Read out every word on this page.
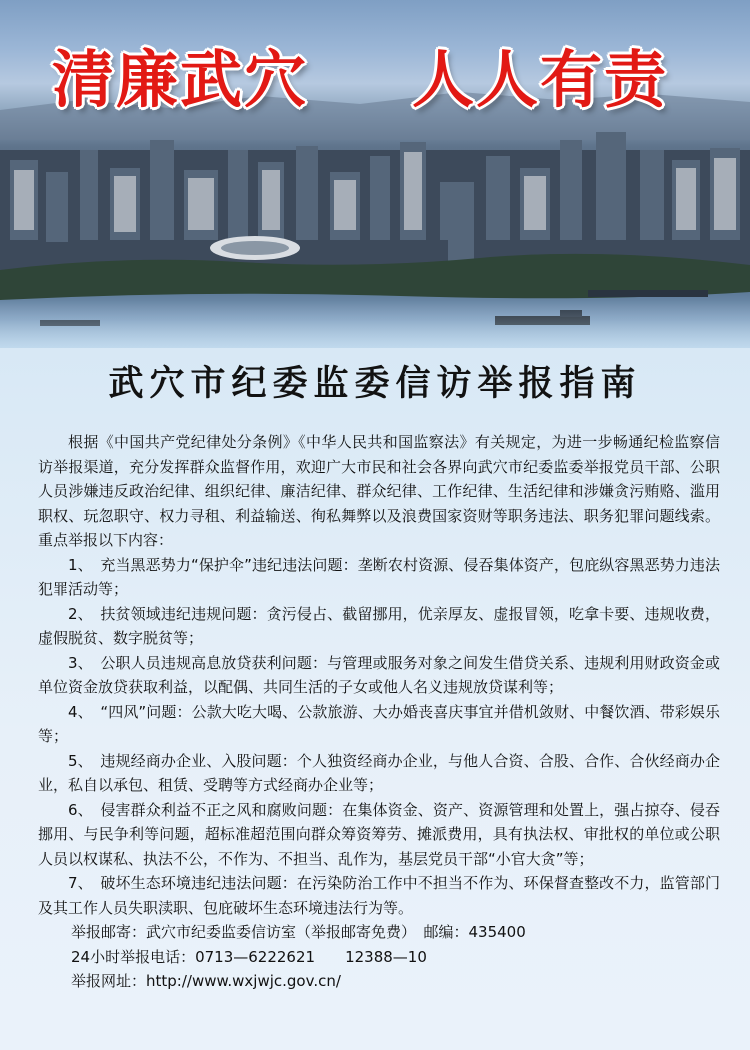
清廉武穴 人人有责
武穴市纪委监委信访举报指南

根据《中国共产党纪律处分条例》《中华人民共和国监察法》有关规定，为进一步畅通纪检监察信访举报渠道，充分发挥群众监督作用，欢迎广大市民和社会各界向武穴市纪委监委举报党员干部、公职人员涉嫌违反政治纪律、组织纪律、廉洁纪律、群众纪律、工作纪律、生活纪律和涉嫌贪污贿赂、滥用职权、玩忽职守、权力寻租、利益输送、徇私舞弊以及浪费国家资财等职务违法、职务犯罪问题线索。重点举报以下内容：

1、　充当黑恶势力“保护伞”违纪违法问题：垄断农村资源、侵吞集体资产，包庇纵容黑恶势力违法犯罪活动等；

2、　扶贫领域违纪违规问题：贪污侵占、截留挪用，优亲厚友、虚报冒领，吃拿卡要、违规收费，虚假脱贫、数字脱贫等；

3、　公职人员违规高息放贷获利问题：与管理或服务对象之间发生借贷关系、违规利用财政资金或单位资金放贷获取利益，以配偶、共同生活的子女或他人名义违规放贷谋利等；

4、　“四风”问题：公款大吃大喝、公款旅游、大办婚丧喜庆事宜并借机敛财、中餐饮酒、带彩娱乐等；

5、　违规经商办企业、入股问题：个人独资经商办企业，与他人合资、合股、合作、合伙经商办企业，私自以承包、租赁、受聘等方式经商办企业等；

6、　侵害群众利益不正之风和腐败问题：在集体资金、资产、资源管理和处置上，强占掠夺、侵吞挪用、与民争利等问题，超标准超范围向群众筹资筹劳、摊派费用，具有执法权、审批权的单位或公职人员以权谋私、执法不公，不作为、不担当、乱作为，基层党员干部“小官大贪”等；

7、　破坏生态环境违纪违法问题：在污染防治工作中不担当不作为、环保督查整改不力，监管部门及其工作人员失职渎职、包庇破坏生态环境违法行为等。

举报邮寄：武穴市纪委监委信访室（举报邮寄免费）　邮编：435400

24小时举报电话：0713—6222621　　12388—10

举报网址：http://www.wxjwjc.gov.cn/
